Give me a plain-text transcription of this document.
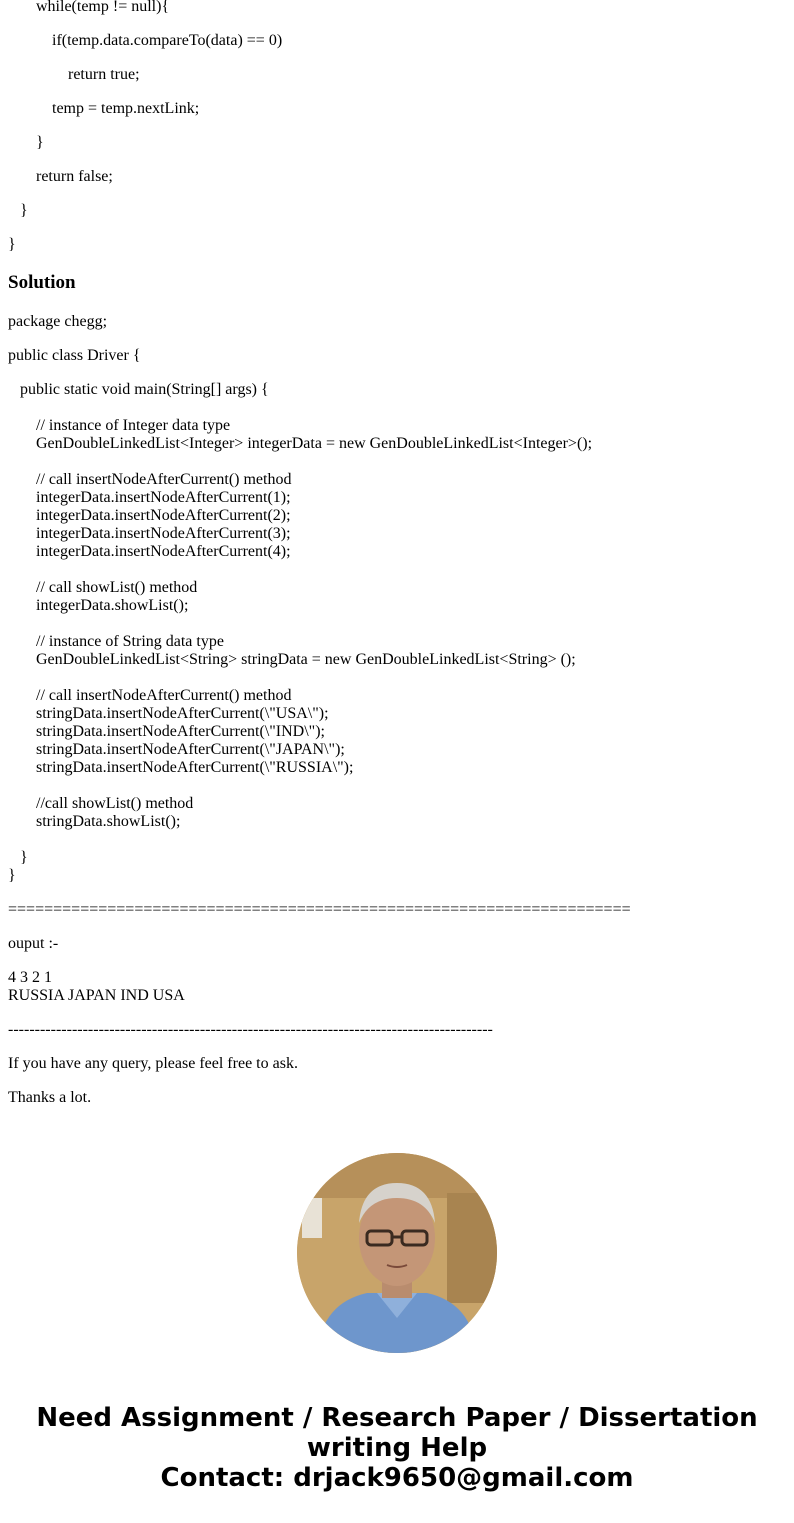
while(temp != null){
if(temp.data.compareTo(data) == 0)
return true;
temp = temp.nextLink;
}
return false;
}
}
Solution
package chegg;
public class Driver {
public static void main(String[] args) {
// instance of Integer data type
GenDoubleLinkedList<Integer> integerData = new GenDoubleLinkedList<Integer>();
// call insertNodeAfterCurrent() method
integerData.insertNodeAfterCurrent(1);
integerData.insertNodeAfterCurrent(2);
integerData.insertNodeAfterCurrent(3);
integerData.insertNodeAfterCurrent(4);
// call showList() method
integerData.showList();
// instance of String data type
GenDoubleLinkedList<String> stringData = new GenDoubleLinkedList<String> ();
// call insertNodeAfterCurrent() method
stringData.insertNodeAfterCurrent(\"USA\");
stringData.insertNodeAfterCurrent(\"IND\");
stringData.insertNodeAfterCurrent(\"JAPAN\");
stringData.insertNodeAfterCurrent(\"RUSSIA\");
//call showList() method
stringData.showList();
}
}
=====================================================================
ouput :-
4 3 2 1
RUSSIA JAPAN IND USA
-------------------------------------------------------------------------------------------
If you have any query, please feel free to ask.
Thanks a lot.
Need Assignment / Research Paper / Dissertation
writing Help
Contact: drjack9650@gmail.com
